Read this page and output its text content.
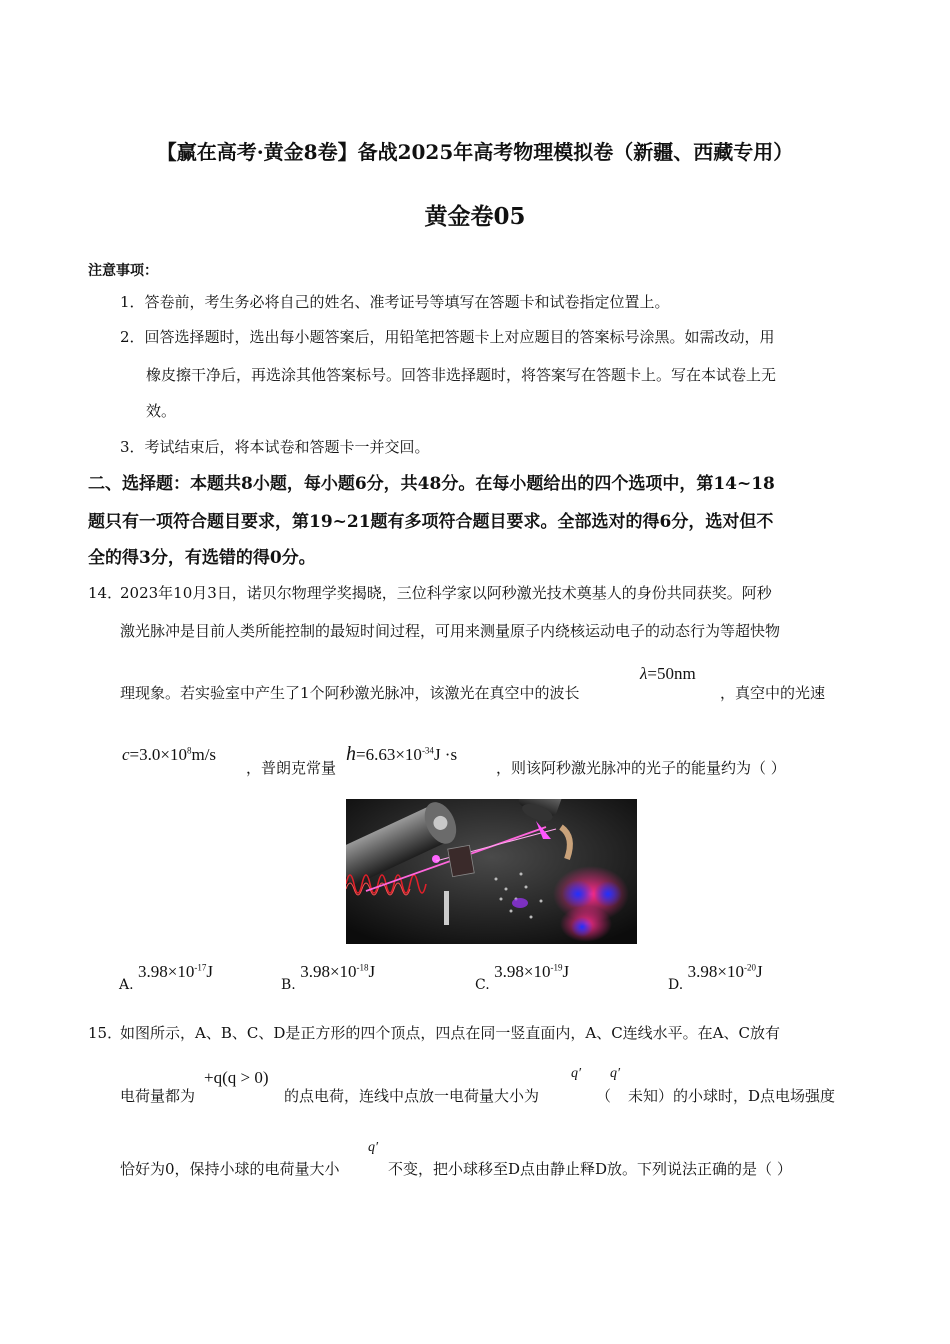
【赢在高考·黄金8卷】备战2025年高考物理模拟卷（新疆、西藏专用）
黄金卷05
注意事项：
1．答卷前，考生务必将自己的姓名、准考证号等填写在答题卡和试卷指定位置上。
2．回答选择题时，选出每小题答案后，用铅笔把答题卡上对应题目的答案标号涂黑。如需改动，用
橡皮擦干净后，再选涂其他答案标号。回答非选择题时，将答案写在答题卡上。写在本试卷上无
效。
3．考试结束后，将本试卷和答题卡一并交回。
二、选择题：本题共8小题，每小题6分，共48分。在每小题给出的四个选项中，第14~18
题只有一项符合题目要求，第19~21题有多项符合题目要求。全部选对的得6分，选对但不
全的得3分，有选错的得0分。
14．
2023年10月3日，诺贝尔物理学奖揭晓，三位科学家以阿秒激光技术奠基人的身份共同获奖。阿秒
激光脉冲是目前人类所能控制的最短时间过程，可用来测量原子内绕核运动电子的动态行为等超快物
理现象。若实验室中产生了1个阿秒激光脉冲，该激光在真空中的波长
λ=50nm
，真空中的光速
$c=3.0\times 10^8m/s$
，普朗克常量
$h=6.63\times 10^{-34}J \cdot s$
，则该阿秒激光脉冲的光子的能量约为（ ）
A. $3.98\times 10^{-17}J$
B. $3.98\times 10^{-18}J$
C. $3.98\times 10^{-19}J$
D. $3.98\times 10^{-20}J$
15．
如图所示，A、B、C、D是正方形的四个顶点，四点在同一竖直面内，A、C连线水平。在A、C放有
电荷量都为
+q(q > 0)
的点电荷，连线中点放一电荷量大小为
q′
（
q′
未知）的小球时，D点电场强度
恰好为0，保持小球的电荷量大小
q′
不变，把小球移至D点由静止释D放。下列说法正确的是（ ）
